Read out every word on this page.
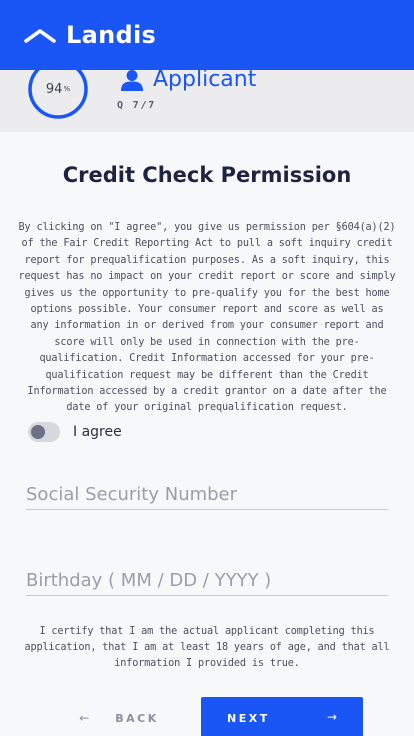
Landis
94 %	Applicant
Q 7/7
Credit Check Permission
By clicking on "I agree", you give us permission per §604(a)(2)
of the Fair Credit Reporting Act to pull a soft inquiry credit
report for prequalification purposes. As a soft inquiry, this
request has no impact on your credit report or score and simply
gives us the opportunity to pre-qualify you for the best home
options possible. Your consumer report and score as well as
any information in or derived from your consumer report and
score will only be used in connection with the pre-
qualification. Credit Information accessed for your pre-
qualification request may be different than the Credit
Information accessed by a credit grantor on a date after the
date of your original prequalification request.
I agree
Social Security Number
Birthday ( MM / DD / YYYY )
I certify that I am the actual applicant completing this
application, that I am at least 18 years of age, and that all
information I provided is true.
← BACK	NEXT	→
